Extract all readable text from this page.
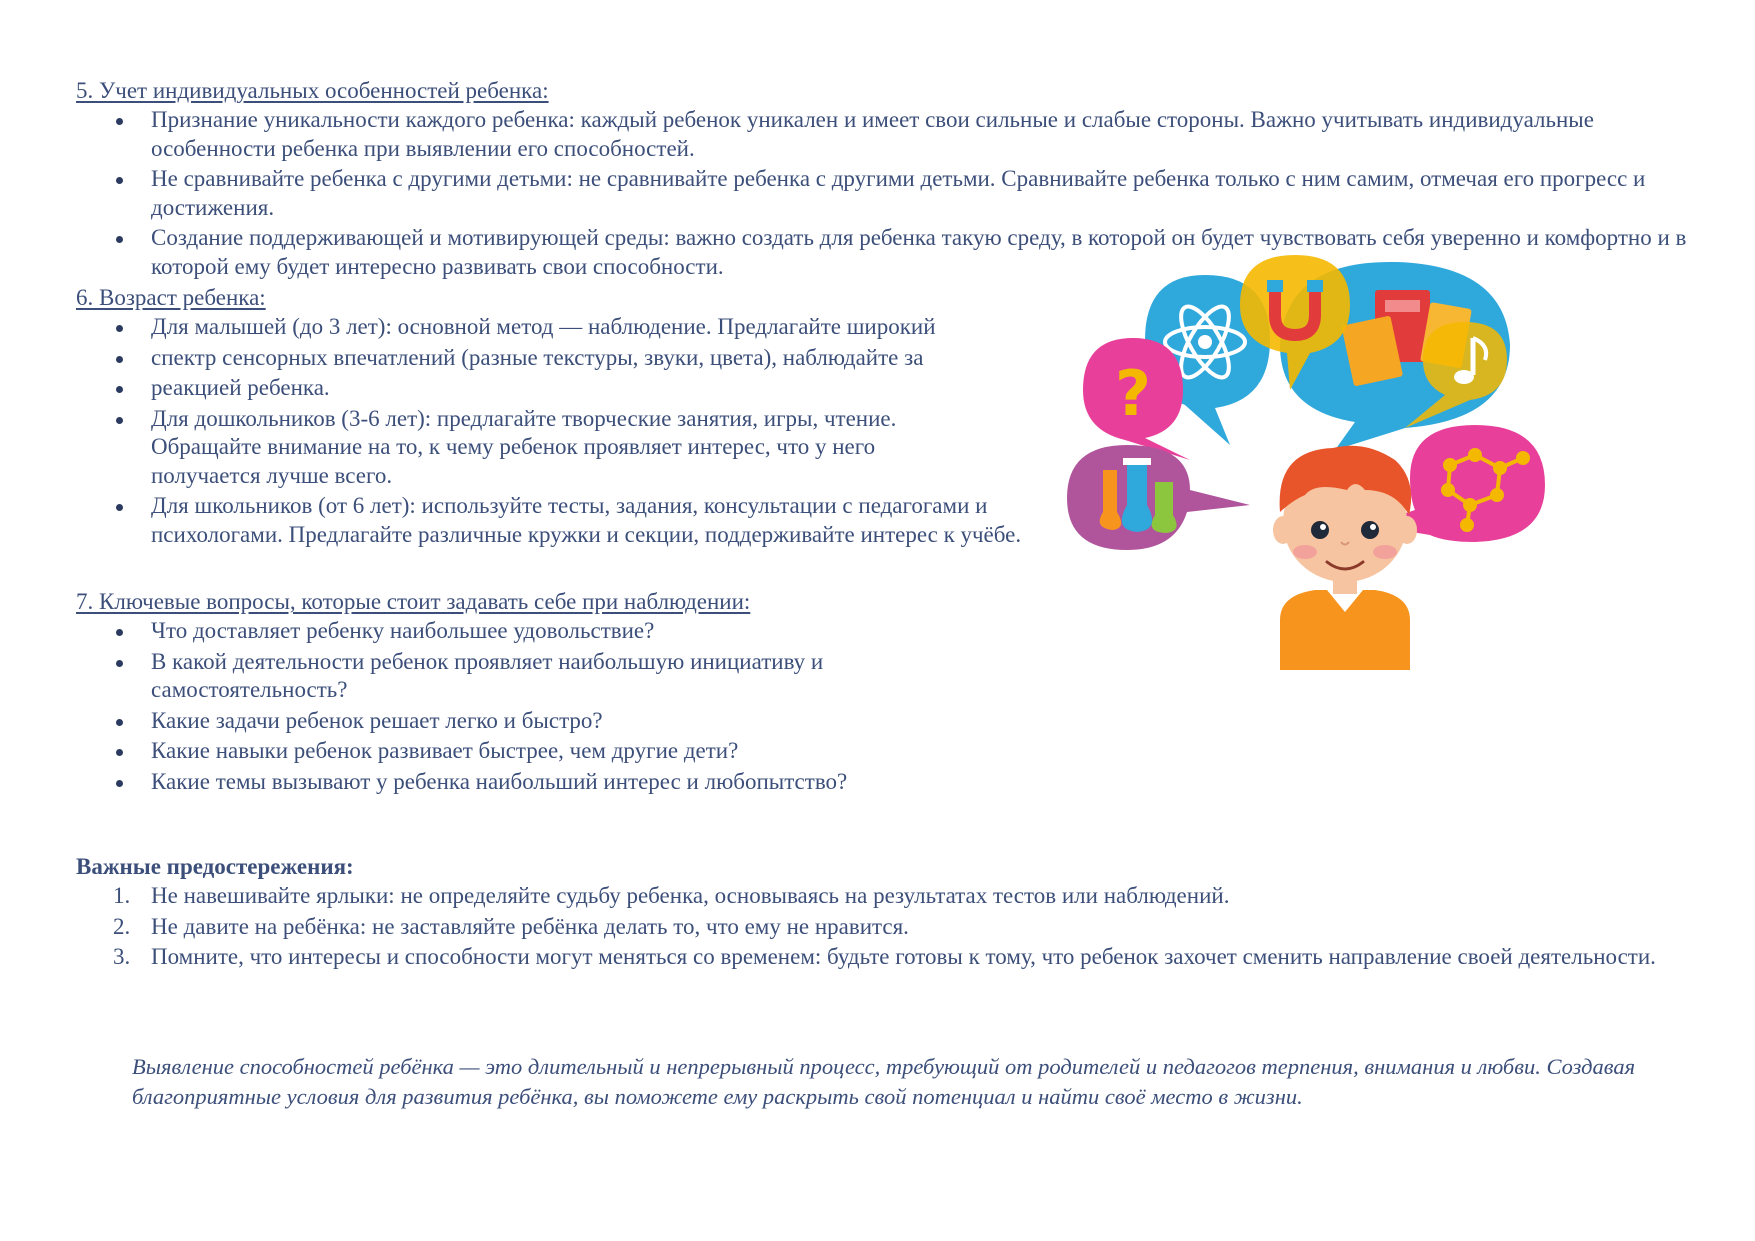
5. Учет индивидуальных особенностей ребенка:
Признание уникальности каждого ребенка: каждый ребенок уникален и имеет свои сильные и слабые стороны. Важно учитывать индивидуальные особенности ребенка при выявлении его способностей.
Не сравнивайте ребенка с другими детьми: не сравнивайте ребенка с другими детьми. Сравнивайте ребенка только с ним самим, отмечая его прогресс и достижения.
Создание поддерживающей и мотивирующей среды: важно создать для ребенка такую среду, в которой он будет чувствовать себя уверенно и комфортно и в которой ему будет интересно развивать свои способности.
6. Возраст ребенка:
Для малышей (до 3 лет): основной метод — наблюдение. Предлагайте широкий
спектр сенсорных впечатлений (разные текстуры, звуки, цвета), наблюдайте за
реакцией ребенка.
Для дошкольников (3-6 лет): предлагайте творческие занятия, игры, чтение. Обращайте внимание на то, к чему ребенок проявляет интерес, что у него получается лучше всего.
Для школьников (от 6 лет): используйте тесты, задания, консультации с педагогами и психологами. Предлагайте различные кружки и секции, поддерживайте интерес к учёбе.
7. Ключевые вопросы, которые стоит задавать себе при наблюдении:
Что доставляет ребенку наибольшее удовольствие?
В какой деятельности ребенок проявляет наибольшую инициативу и самостоятельность?
Какие задачи ребенок решает легко и быстро?
Какие навыки ребенок развивает быстрее, чем другие дети?
Какие темы вызывают у ребенка наибольший интерес и любопытство?
Важные предостережения:
1. Не навешивайте ярлыки: не определяйте судьбу ребенка, основываясь на результатах тестов или наблюдений.
2. Не давите на ребёнка: не заставляйте ребёнка делать то, что ему не нравится.
3. Помните, что интересы и способности могут меняться со временем: будьте готовы к тому, что ребенок захочет сменить направление своей деятельности.

Выявление способностей ребёнка — это длительный и непрерывный процесс, требующий от родителей и педагогов терпения, внимания и любви. Создавая благоприятные условия для развития ребёнка, вы поможете ему раскрыть свой потенциал и найти своё место в жизни.

?
